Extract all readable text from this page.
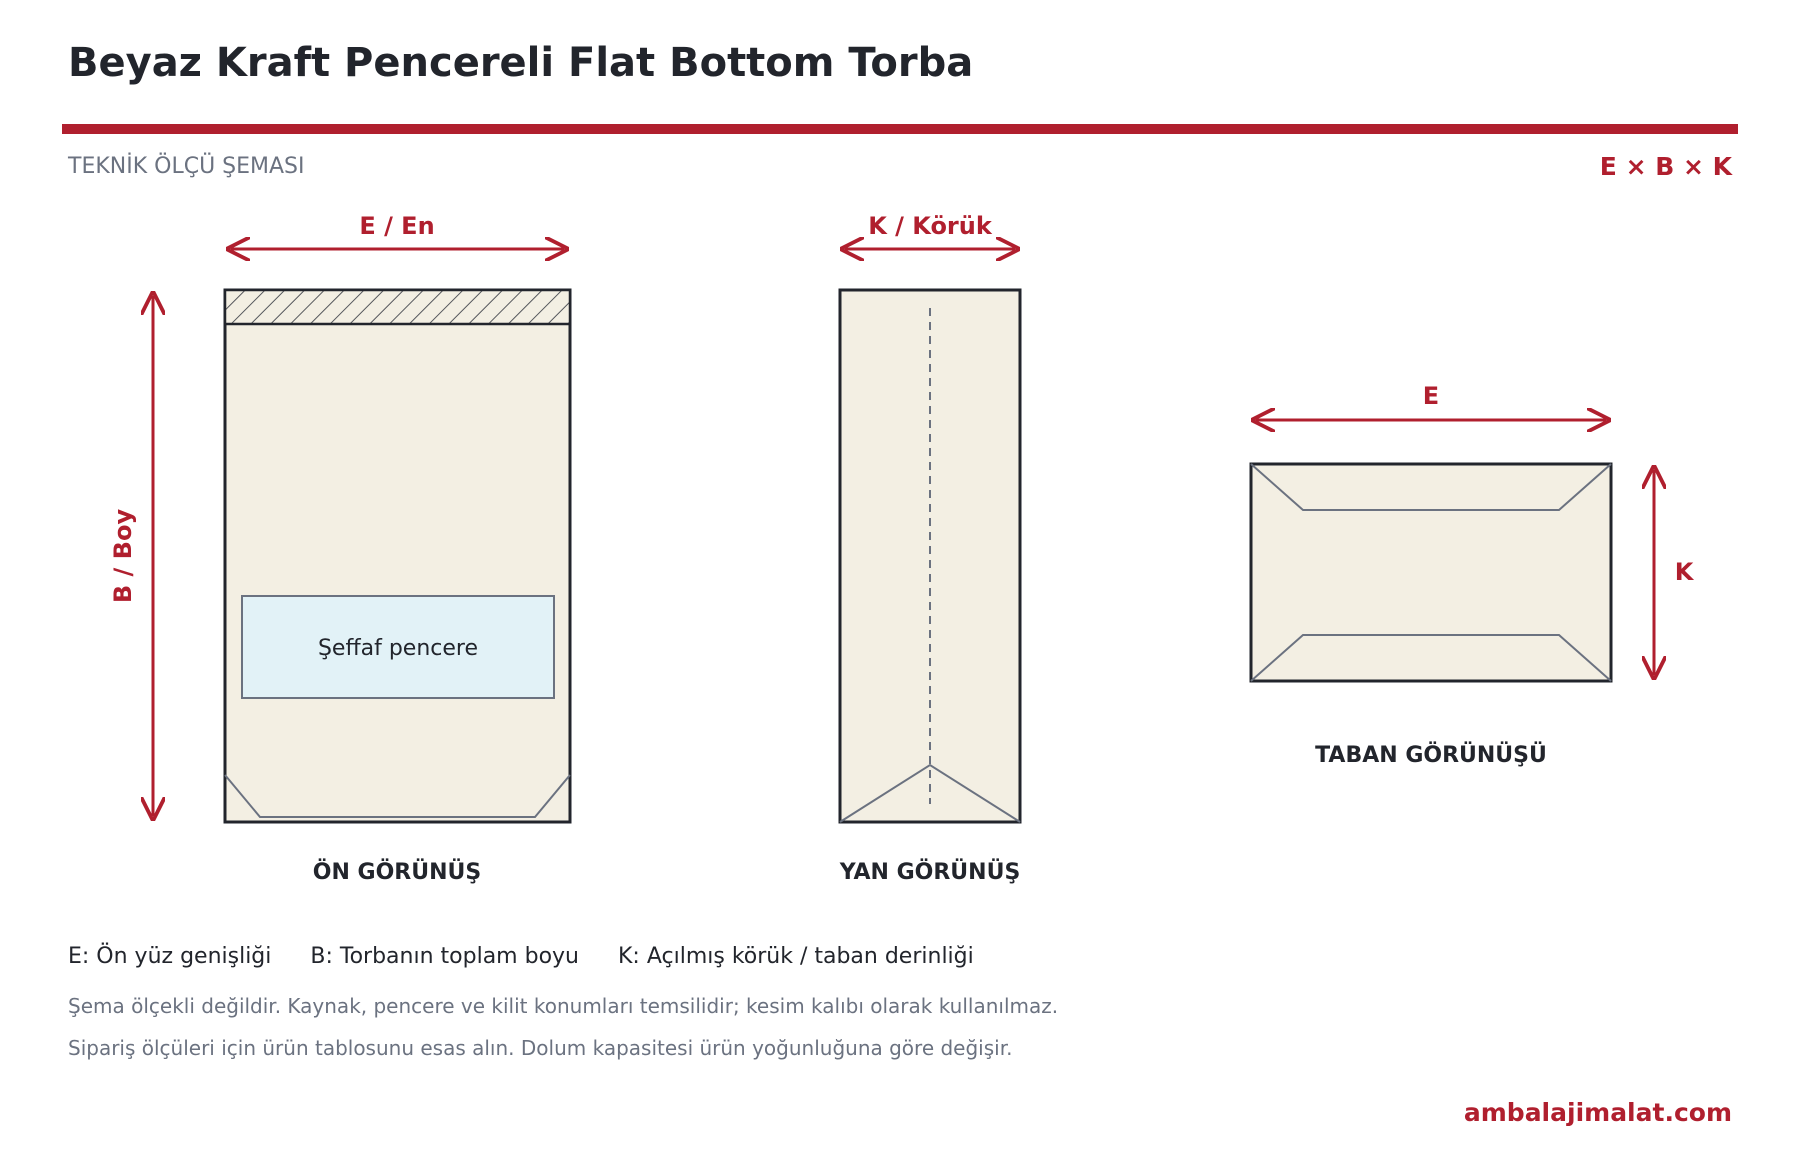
Beyaz Kraft Pencereli Flat Bottom Torba
TEKNİK ÖLÇÜ ŞEMASI	E × B × K
E / En
B / Boy
Şeffaf pencere
ÖN GÖRÜNÜŞ
K / Körük
YAN GÖRÜNÜŞ
E
K
TABAN GÖRÜNÜŞÜ
E: Ön yüz genişliği B: Torbanın toplam boyu K: Açılmış körük / taban derinliği
Şema ölçekli değildir. Kaynak, pencere ve kilit konumları temsilidir; kesim kalıbı olarak kullanılmaz.
Sipariş ölçüleri için ürün tablosunu esas alın. Dolum kapasitesi ürün yoğunluğuna göre değişir.
ambalajimalat.com
